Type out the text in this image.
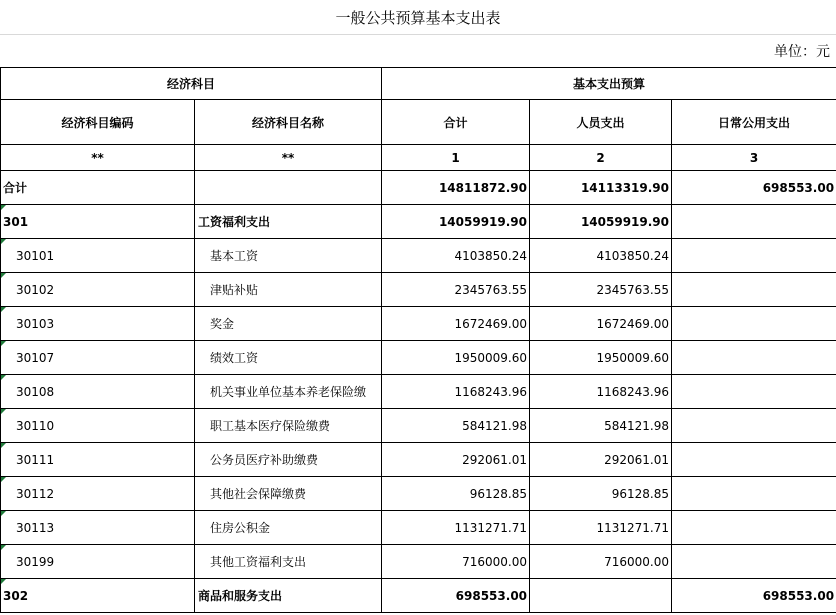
一般公共预算基本支出表
单位：元
经济科目		基本支出预算		
经济科目编码	经济科目名称	合计	人员支出	日常公用支出
**	**	1	2	3
合计		14811872.90	14113319.90	698553.00
301	工资福利支出	14059919.90	14059919.90	
30101	基本工资	4103850.24	4103850.24	
30102	津贴补贴	2345763.55	2345763.55	
30103	奖金	1672469.00	1672469.00	
30107	绩效工资	1950009.60	1950009.60	
30108	机关事业单位基本养老保险缴	1168243.96	1168243.96	
30110	职工基本医疗保险缴费	584121.98	584121.98	
30111	公务员医疗补助缴费	292061.01	292061.01	
30112	其他社会保障缴费	96128.85	96128.85	
30113	住房公积金	1131271.71	1131271.71	
30199	其他工资福利支出	716000.00	716000.00	
302	商品和服务支出	698553.00		698553.00
